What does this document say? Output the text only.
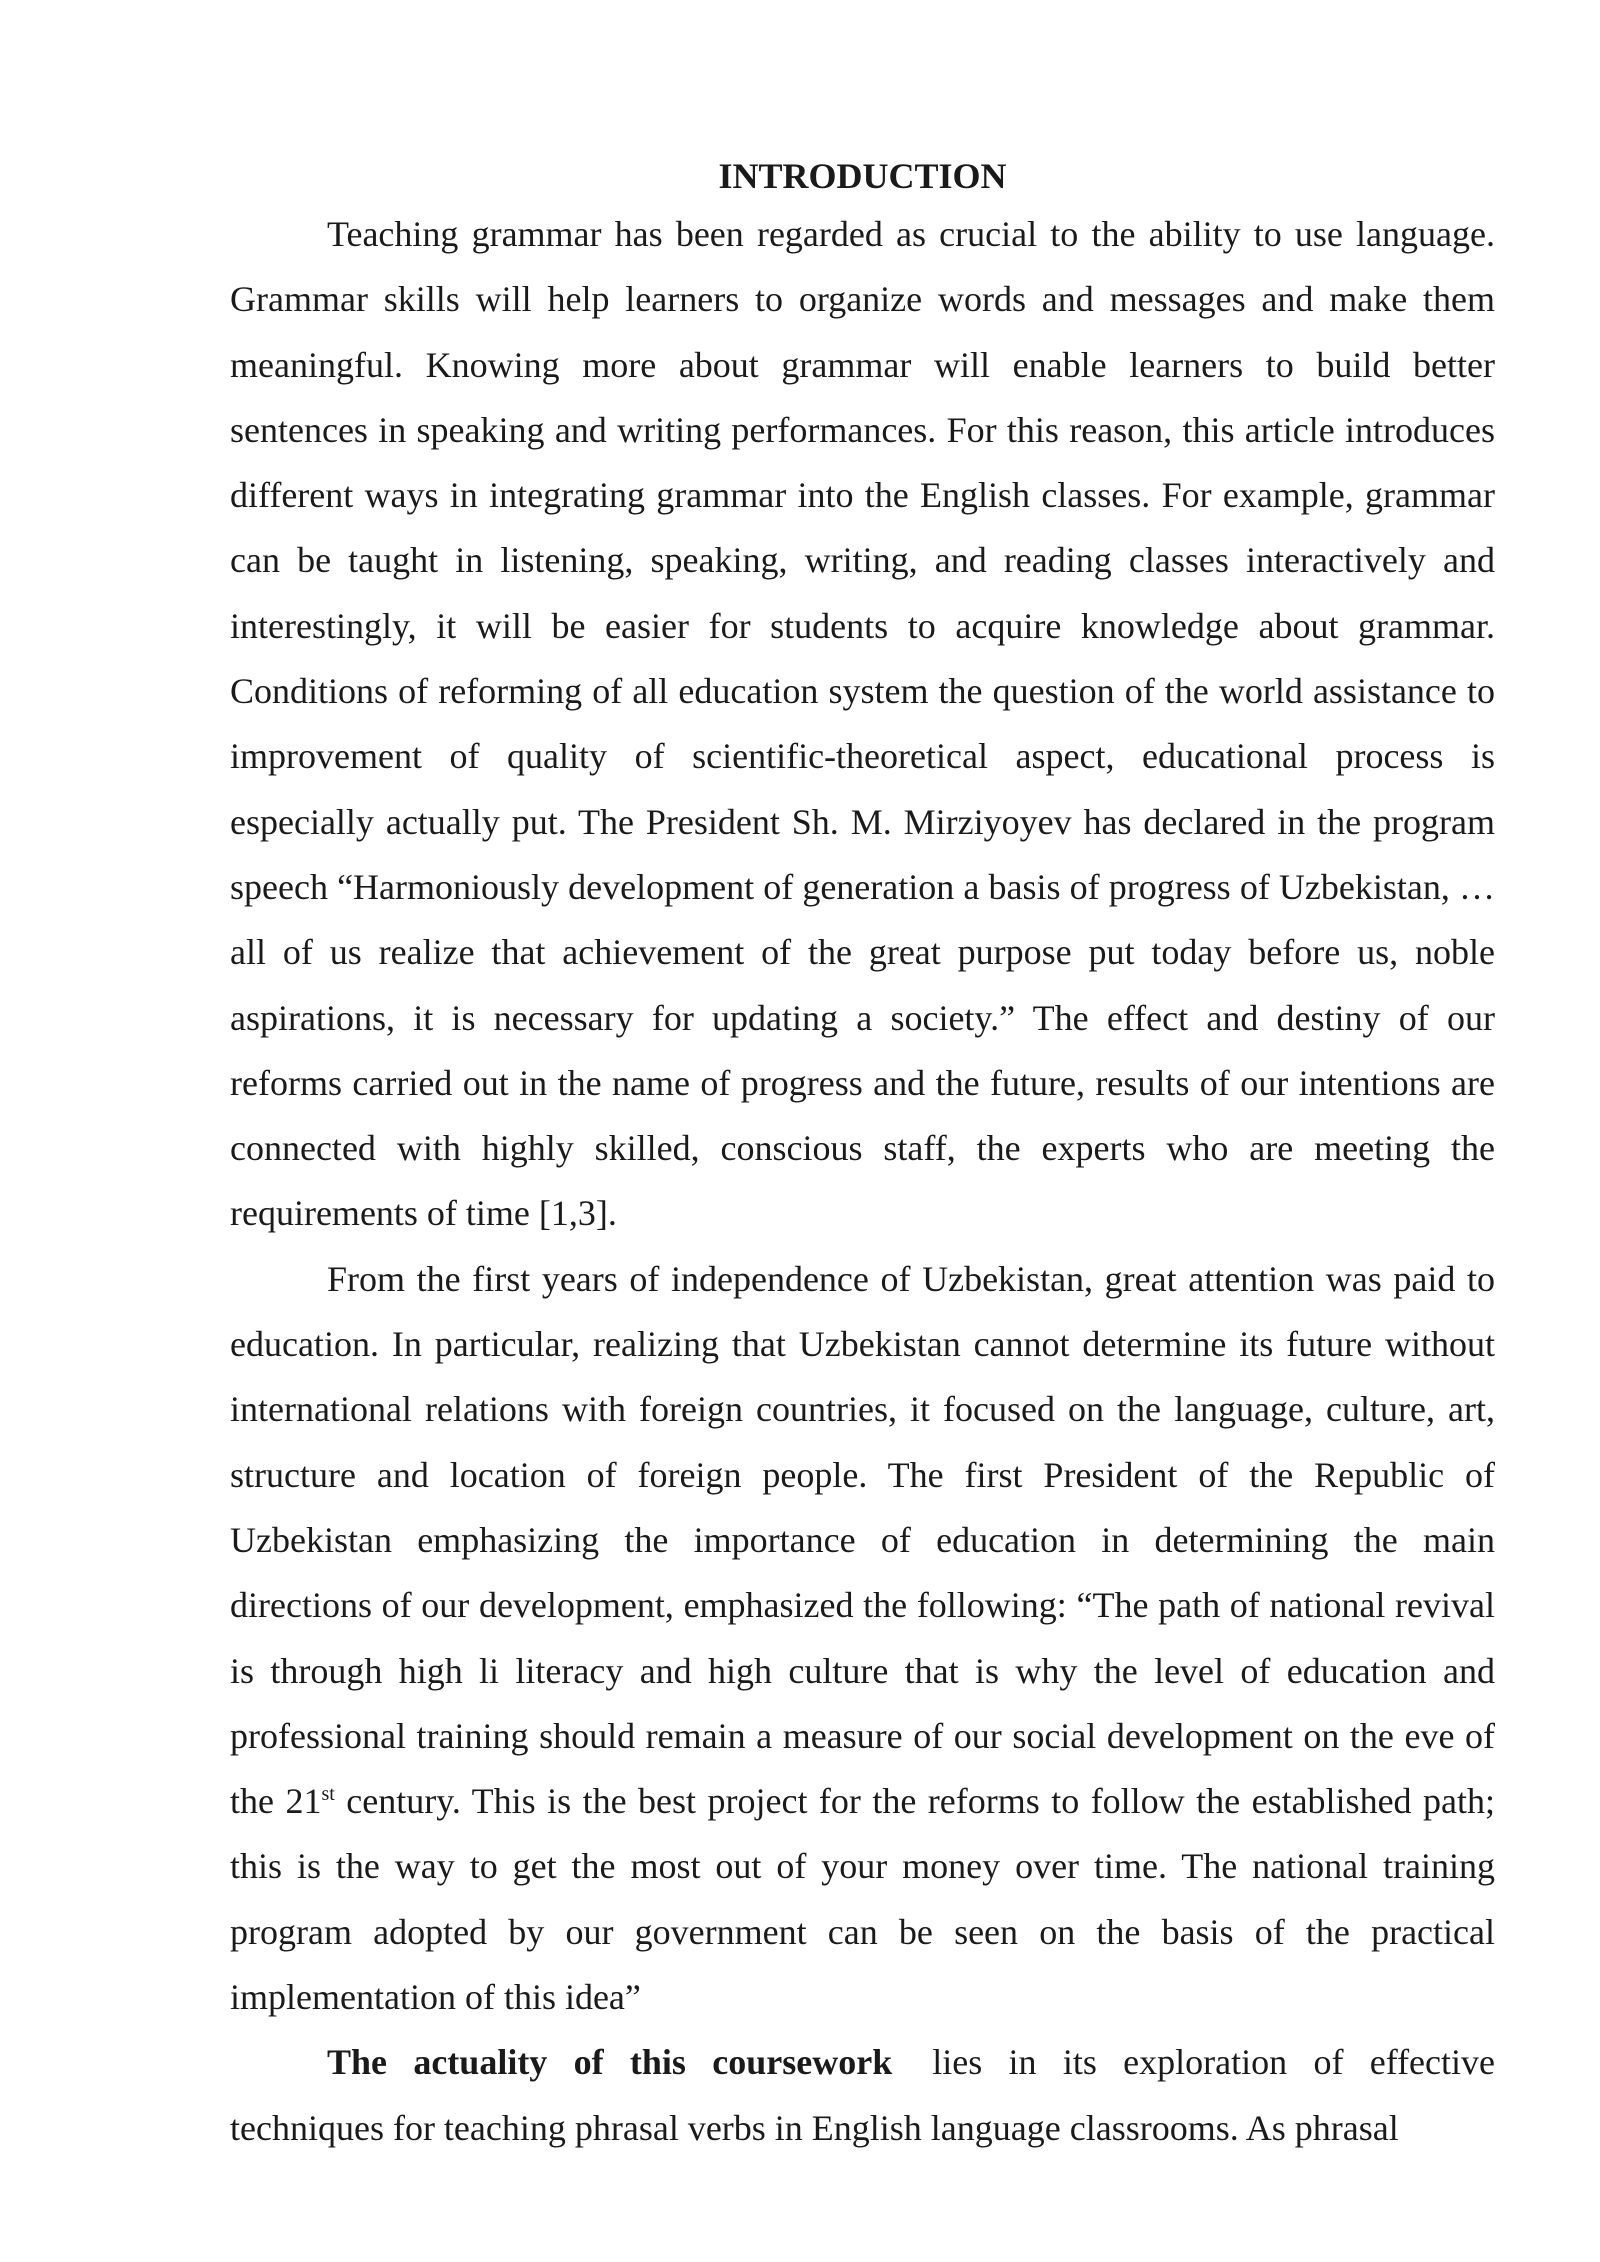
INTRODUCTION

Teaching grammar has been regarded as crucial to the ability to use language. Grammar skills will help learners to organize words and messages and make them meaningful. Knowing more about grammar will enable learners to build better sentences in speaking and writing performances. For this reason, this article introduces different ways in integrating grammar into the English classes. For example, grammar can be taught in listening, speaking, writing, and reading classes interactively and interestingly, it will be easier for students to acquire knowledge about grammar. Conditions of reforming of all education system the question of the world assistance to improvement of quality of scientific-theoretical aspect, educational process is especially actually put. The President Sh. M. Mirziyoyev has declared in the program speech “Harmoniously development of generation a basis of progress of Uzbekistan, …all of us realize that achievement of the great purpose put today before us, noble aspirations, it is necessary for updating a society.” The effect and destiny of our reforms carried out in the name of progress and the future, results of our intentions are connected with highly skilled, conscious staff, the experts who are meeting the requirements of time [1,3].

From the first years of independence of Uzbekistan, great attention was paid to education. In particular, realizing that Uzbekistan cannot determine its future without international relations with foreign countries, it focused on the language, culture, art, structure and location of foreign people. The first President of the Republic of Uzbekistan emphasizing the importance of education in determining the main directions of our development, emphasized the following: “The path of national revival is through high li literacy and high culture that is why the level of education and professional training should remain a measure of our social development on the eve of the 21st century. This is the best project for the reforms to follow the established path; this is the way to get the most out of your money over time. The national training program adopted by our government can be seen on the basis of the practical implementation of this idea”

The actuality of this coursework lies in its exploration of effective techniques for teaching phrasal verbs in English language classrooms. As phrasal
